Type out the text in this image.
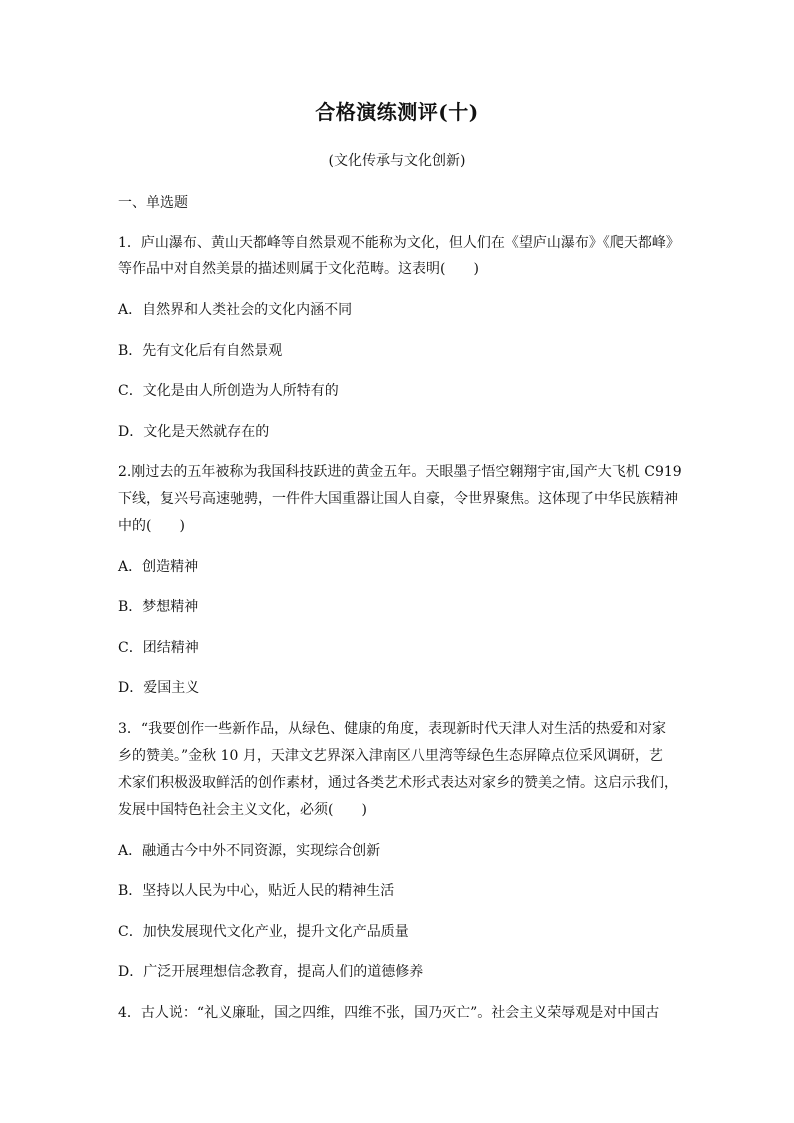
合格演练测评(十)
(文化传承与文化创新)
一、单选题
1．庐山瀑布、黄山天都峰等自然景观不能称为文化，但人们在《望庐山瀑布》《爬天都峰》
等作品中对自然美景的描述则属于文化范畴。这表明(　　)
A．自然界和人类社会的文化内涵不同
B．先有文化后有自然景观
C．文化是由人所创造为人所特有的
D．文化是天然就存在的
2.刚过去的五年被称为我国科技跃进的黄金五年。天眼墨子悟空翱翔宇宙,国产大飞机 C919
下线，复兴号高速驰骋，一件件大国重器让国人自豪，令世界聚焦。这体现了中华民族精神
中的(　　)
A．创造精神
B．梦想精神
C．团结精神
D．爱国主义
3．“我要创作一些新作品，从绿色、健康的角度，表现新时代天津人对生活的热爱和对家
乡的赞美。”金秋 10 月，天津文艺界深入津南区八里湾等绿色生态屏障点位采风调研，艺
术家们积极汲取鲜活的创作素材，通过各类艺术形式表达对家乡的赞美之情。这启示我们，
发展中国特色社会主义文化，必须(　　)
A．融通古今中外不同资源，实现综合创新
B．坚持以人民为中心，贴近人民的精神生活
C．加快发展现代文化产业，提升文化产品质量
D．广泛开展理想信念教育，提高人们的道德修养
4．古人说：“礼义廉耻，国之四维，四维不张，国乃灭亡”。社会主义荣辱观是对中国古
